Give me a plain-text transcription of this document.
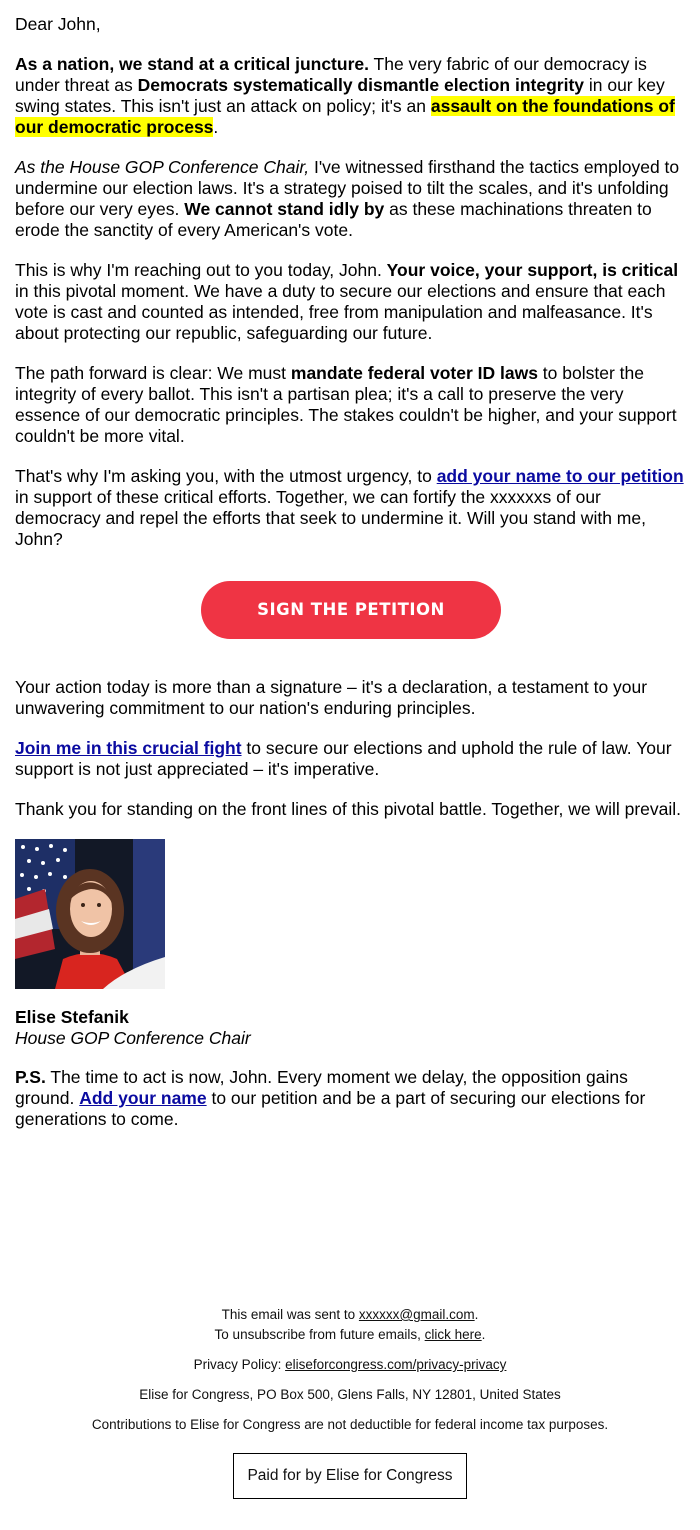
Dear John,

As a nation, we stand at a critical juncture. The very fabric of our democracy is under threat as Democrats systematically dismantle election integrity in our key swing states. This isn't just an attack on policy; it's an assault on the foundations of our democratic process.

As the House GOP Conference Chair, I've witnessed firsthand the tactics employed to undermine our election laws. It's a strategy poised to tilt the scales, and it's unfolding before our very eyes. We cannot stand idly by as these machinations threaten to erode the sanctity of every American's vote.

This is why I'm reaching out to you today, John. Your voice, your support, is critical in this pivotal moment. We have a duty to secure our elections and ensure that each vote is cast and counted as intended, free from manipulation and malfeasance. It's about protecting our republic, safeguarding our future.

The path forward is clear: We must mandate federal voter ID laws to bolster the integrity of every ballot. This isn't a partisan plea; it's a call to preserve the very essence of our democratic principles. The stakes couldn't be higher, and your support couldn't be more vital.

That's why I'm asking you, with the utmost urgency, to add your name to our petition in support of these critical efforts. Together, we can fortify the xxxxxxs of our democracy and repel the efforts that seek to undermine it. Will you stand with me, John?

SIGN THE PETITION

Your action today is more than a signature – it's a declaration, a testament to your unwavering commitment to our nation's enduring principles.

Join me in this crucial fight to secure our elections and uphold the rule of law. Your support is not just appreciated – it's imperative.

Thank you for standing on the front lines of this pivotal battle. Together, we will prevail.

Elise Stefanik
House GOP Conference Chair

P.S. The time to act is now, John. Every moment we delay, the opposition gains ground. Add your name to our petition and be a part of securing our elections for generations to come.

This email was sent to xxxxxx@gmail.com.

To unsubscribe from future emails, click here.

Privacy Policy: eliseforcongress.com/privacy-privacy

Elise for Congress, PO Box 500, Glens Falls, NY 12801, United States

Contributions to Elise for Congress are not deductible for federal income tax purposes.

Paid for by Elise for Congress
